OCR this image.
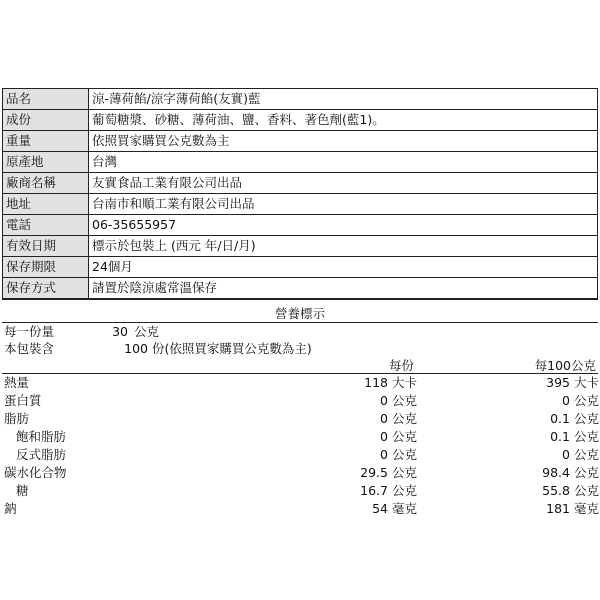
品名	涼-薄荷餡/涼字薄荷餡(友實)藍
成份	葡萄糖漿、砂糖、薄荷油、鹽、香料、著色劑(藍1)。
重量	依照買家購買公克數為主
原產地	台灣
廠商名稱	友實食品工業有限公司出品
地址	台南市和順工業有限公司出品
電話	06-35655957
有效日期	標示於包裝上 (西元 年/日/月)
保存期限	24個月
保存方式	請置於陰涼處常溫保存
營養標示
每一份量	30 公克
本包裝含	100 份(依照買家購買公克數為主)
每份	每100公克
熱量	118 大卡	395 大卡
蛋白質	0 公克	0 公克
脂肪	0 公克	0.1 公克
飽和脂肪	0 公克	0.1 公克
反式脂肪	0 公克	0 公克
碳水化合物	29.5 公克	98.4 公克
糖	16.7 公克	55.8 公克
鈉	54 毫克	181 毫克
